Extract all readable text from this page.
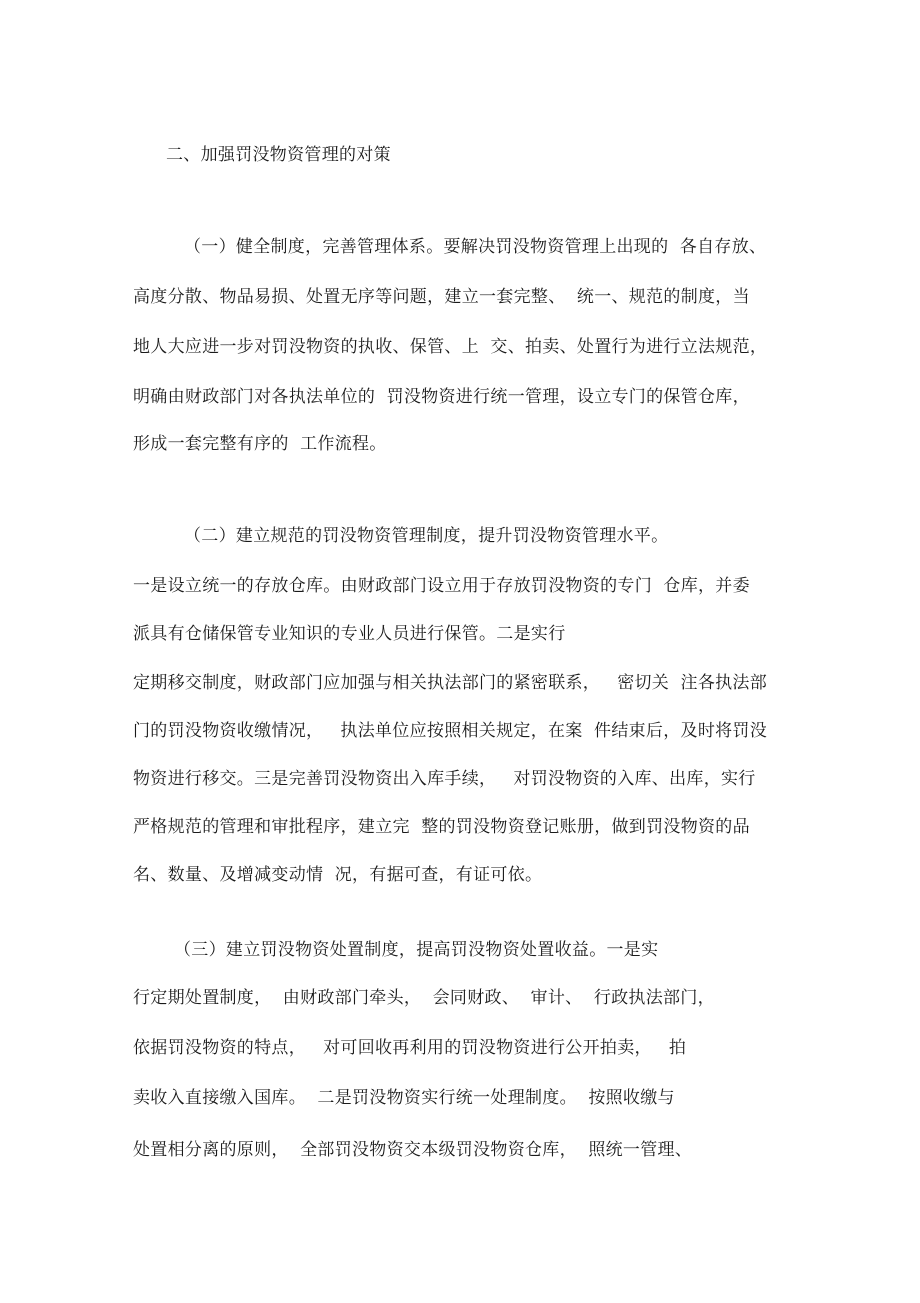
二、加强罚没物资管理的对策
（一）健全制度，完善管理体系。要解决罚没物资管理上出现的  各自存放、
高度分散、物品易损、处置无序等问题，建立一套完整、  统一、规范的制度，当
地人大应进一步对罚没物资的执收、保管、上  交、拍卖、处置行为进行立法规范，
明确由财政部门对各执法单位的  罚没物资进行统一管理，设立专门的保管仓库，
形成一套完整有序的  工作流程。
（二）建立规范的罚没物资管理制度，提升罚没物资管理水平。
一是设立统一的存放仓库。由财政部门设立用于存放罚没物资的专门  仓库，并委
派具有仓储保管专业知识的专业人员进行保管。二是实行
定期移交制度，财政部门应加强与相关执法部门的紧密联系，   密切关  注各执法部
门的罚没物资收缴情况，   执法单位应按照相关规定，在案  件结束后，及时将罚没
物资进行移交。三是完善罚没物资出入库手续，   对罚没物资的入库、出库，实行
严格规范的管理和审批程序，建立完  整的罚没物资登记账册，做到罚没物资的品
名、数量、及增减变动情  况，有据可查，有证可依。
（三）建立罚没物资处置制度，提高罚没物资处置收益。一是实
行定期处置制度，  由财政部门牵头，  会同财政、  审计、  行政执法部门，
依据罚没物资的特点，   对可回收再利用的罚没物资进行公开拍卖，   拍
卖收入直接缴入国库。  二是罚没物资实行统一处理制度。  按照收缴与
处置相分离的原则，  全部罚没物资交本级罚没物资仓库，  照统一管理、
